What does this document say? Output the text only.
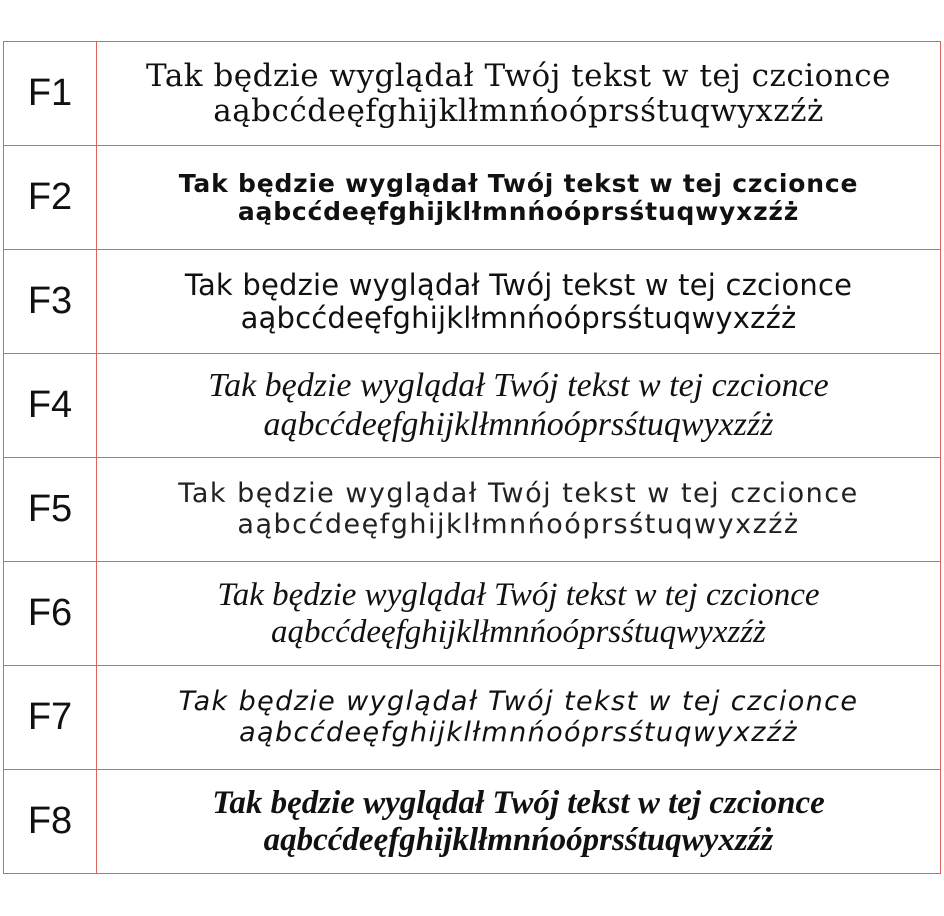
F1	Tak będzie wyglądał Twój tekst w tej czcionce
aąbcćdeęfghijklłmnńoóprsśtuqwyxzźż

F2	Tak będzie wyglądał Twój tekst w tej czcionce
aąbcćdeęfghijklłmnńoóprsśtuqwyxzźż

F3	Tak będzie wyglądał Twój tekst w tej czcionce
aąbcćdeęfghijklłmnńoóprsśtuqwyxzźż

F4	Tak będzie wyglądał Twój tekst w tej czcionce
aąbcćdeęfghijklłmnńoóprsśtuqwyxzźż

F5	Tak będzie wyglądał Twój tekst w tej czcionce
aąbcćdeęfghijklłmnńoóprsśtuqwyxzźż

F6	Tak będzie wyglądał Twój tekst w tej czcionce
aąbcćdeęfghijklłmnńoóprsśtuqwyxzźż

F7	Tak będzie wyglądał Twój tekst w tej czcionce
aąbcćdeęfghijklłmnńoóprsśtuqwyxzźż

F8	Tak będzie wyglądał Twój tekst w tej czcionce
aąbcćdeęfghijklłmnńoóprsśtuqwyxzźż
